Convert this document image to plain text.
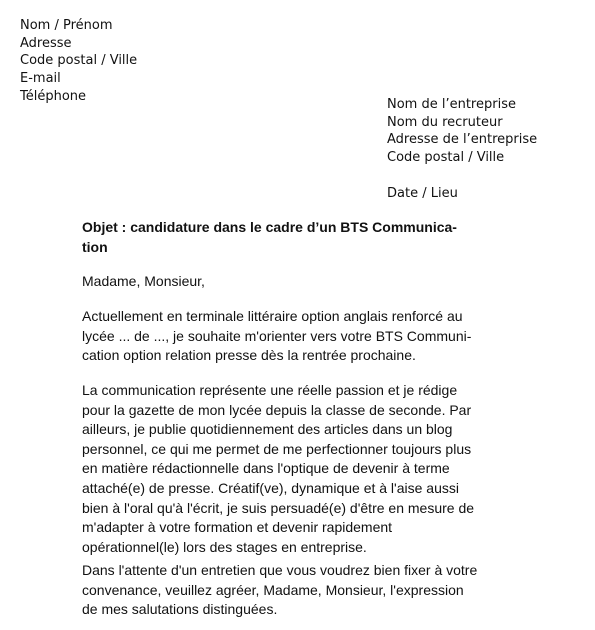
Nom / Prénom
Adresse
Code postal / Ville
E-mail
Téléphone
Nom de l’entreprise
Nom du recruteur
Adresse de l’entreprise
Code postal / Ville
Date / Lieu
Objet : candidature dans le cadre d’un BTS Communica-
tion
Madame, Monsieur,
Actuellement en terminale littéraire option anglais renforcé au
lycée ... de ..., je souhaite m'orienter vers votre BTS Communi-
cation option relation presse dès la rentrée prochaine.
La communication représente une réelle passion et je rédige
pour la gazette de mon lycée depuis la classe de seconde. Par
ailleurs, je publie quotidiennement des articles dans un blog
personnel, ce qui me permet de me perfectionner toujours plus
en matière rédactionnelle dans l'optique de devenir à terme
attaché(e) de presse. Créatif(ve), dynamique et à l'aise aussi
bien à l'oral qu'à l'écrit, je suis persuadé(e) d'être en mesure de
m'adapter à votre formation et devenir rapidement
opérationnel(le) lors des stages en entreprise.
Dans l'attente d'un entretien que vous voudrez bien fixer à votre
convenance, veuillez agréer, Madame, Monsieur, l'expression
de mes salutations distinguées.
